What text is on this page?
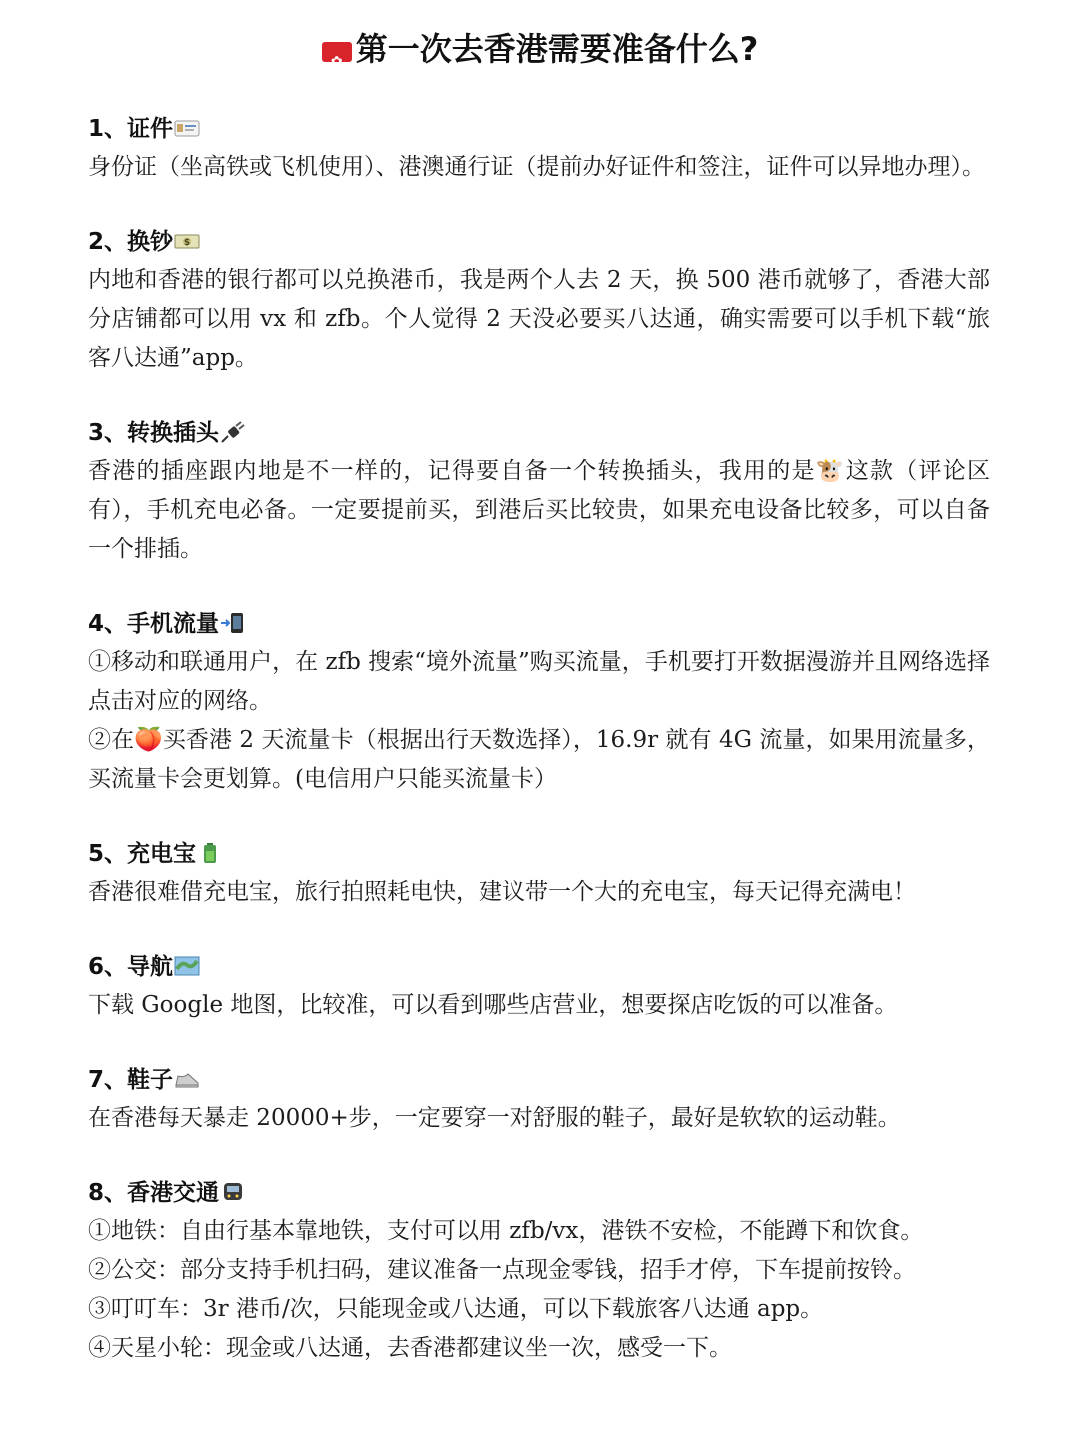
✿第一次去香港需要准备什么?
1、证件
身份证（坐高铁或飞机使用）、港澳通行证（提前办好证件和签注，证件可以异地办理）。
2、换钞 $
内地和香港的银行都可以兑换港币，我是两个人去 2 天，换 500 港币就够了，香港大部分店铺都可以用 vx 和 zfb。个人觉得 2 天没必要买八达通，确实需要可以手机下载“旅客八达通”app。
3、转换插头
香港的插座跟内地是不一样的，记得要自备一个转换插头，我用的是🐮这款（评论区有），手机充电必备。一定要提前买，到港后买比较贵，如果充电设备比较多，可以自备一个排插。
4、手机流量
①移动和联通用户，在 zfb 搜索“境外流量”购买流量，手机要打开数据漫游并且网络选择点击对应的网络。
②在🍑买香港 2 天流量卡（根据出行天数选择），16.9r 就有 4G 流量，如果用流量多，买流量卡会更划算。(电信用户只能买流量卡）
5、充电宝
香港很难借充电宝，旅行拍照耗电快，建议带一个大的充电宝，每天记得充满电！
6、导航
下载 Google 地图，比较准，可以看到哪些店营业，想要探店吃饭的可以准备。
7、鞋子
在香港每天暴走 20000+步，一定要穿一对舒服的鞋子，最好是软软的运动鞋。
8、香港交通
①地铁：自由行基本靠地铁，支付可以用 zfb/vx，港铁不安检，不能蹲下和饮食。
②公交：部分支持手机扫码，建议准备一点现金零钱，招手才停，下车提前按铃。
③叮叮车：3r 港币/次，只能现金或八达通，可以下载旅客八达通 app。
④天星小轮：现金或八达通，去香港都建议坐一次，感受一下。
